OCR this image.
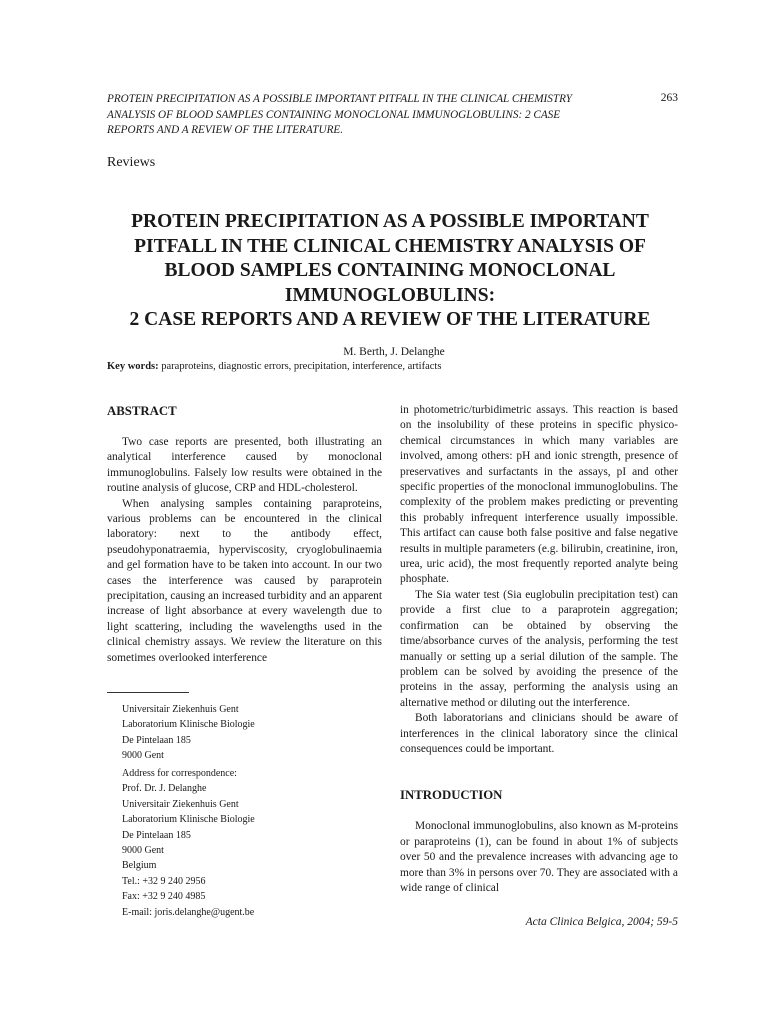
PROTEIN PRECIPITATION AS A POSSIBLE IMPORTANT PITFALL IN THE CLINICAL CHEMISTRY ANALYSIS OF BLOOD SAMPLES CONTAINING MONOCLONAL IMMUNOGLOBULINS: 2 CASE REPORTS AND A REVIEW OF THE LITERATURE.
263
Reviews
PROTEIN PRECIPITATION AS A POSSIBLE IMPORTANT
PITFALL IN THE CLINICAL CHEMISTRY ANALYSIS OF
BLOOD SAMPLES CONTAINING MONOCLONAL
IMMUNOGLOBULINS:
2 CASE REPORTS AND A REVIEW OF THE LITERATURE
M. Berth, J. Delanghe
Key words: paraproteins, diagnostic errors, precipitation, interference, artifacts
ABSTRACT

Two case reports are presented, both illustrating an analytical interference caused by monoclonal immunoglobulins. Falsely low results were obtained in the routine analysis of glucose, CRP and HDL-cholesterol.

When analysing samples containing paraproteins, various problems can be encountered in the clinical laboratory: next to the antibody effect, pseudohyponatraemia, hyperviscosity, cryoglobulinaemia and gel formation have to be taken into account. In our two cases the interference was caused by paraprotein precipitation, causing an increased turbidity and an apparent increase of light absorbance at every wavelength due to light scattering, including the wavelengths used in the clinical chemistry assays. We review the literature on this sometimes overlooked interference

Universitair Ziekenhuis Gent
Laboratorium Klinische Biologie
De Pintelaan 185
9000 Gent
Address for correspondence:
Prof. Dr. J. Delanghe
Universitair Ziekenhuis Gent
Laboratorium Klinische Biologie
De Pintelaan 185
9000 Gent
Belgium
Tel.: +32 9 240 2956
Fax: +32 9 240 4985
E-mail: joris.delanghe@ugent.be

in photometric/turbidimetric assays. This reaction is based on the insolubility of these proteins in specific physico-chemical circumstances in which many variables are involved, among others: pH and ionic strength, presence of preservatives and surfactants in the assays, pI and other specific properties of the monoclonal immunoglobulins. The complexity of the problem makes predicting or preventing this probably infrequent interference usually impossible. This artifact can cause both false positive and false negative results in multiple parameters (e.g. bilirubin, creatinine, iron, urea, uric acid), the most frequently reported analyte being phosphate.

The Sia water test (Sia euglobulin precipitation test) can provide a first clue to a paraprotein aggregation; confirmation can be obtained by observing the time/absorbance curves of the analysis, performing the test manually or setting up a serial dilution of the sample. The problem can be solved by avoiding the presence of the proteins in the assay, performing the analysis using an alternative method or diluting out the interference.

Both laboratorians and clinicians should be aware of interferences in the clinical laboratory since the clinical consequences could be important.

INTRODUCTION

Monoclonal immunoglobulins, also known as M-proteins or paraproteins (1), can be found in about 1% of subjects over 50 and the prevalence increases with advancing age to more than 3% in persons over 70. They are associated with a wide range of clinical

Acta Clinica Belgica, 2004; 59-5
